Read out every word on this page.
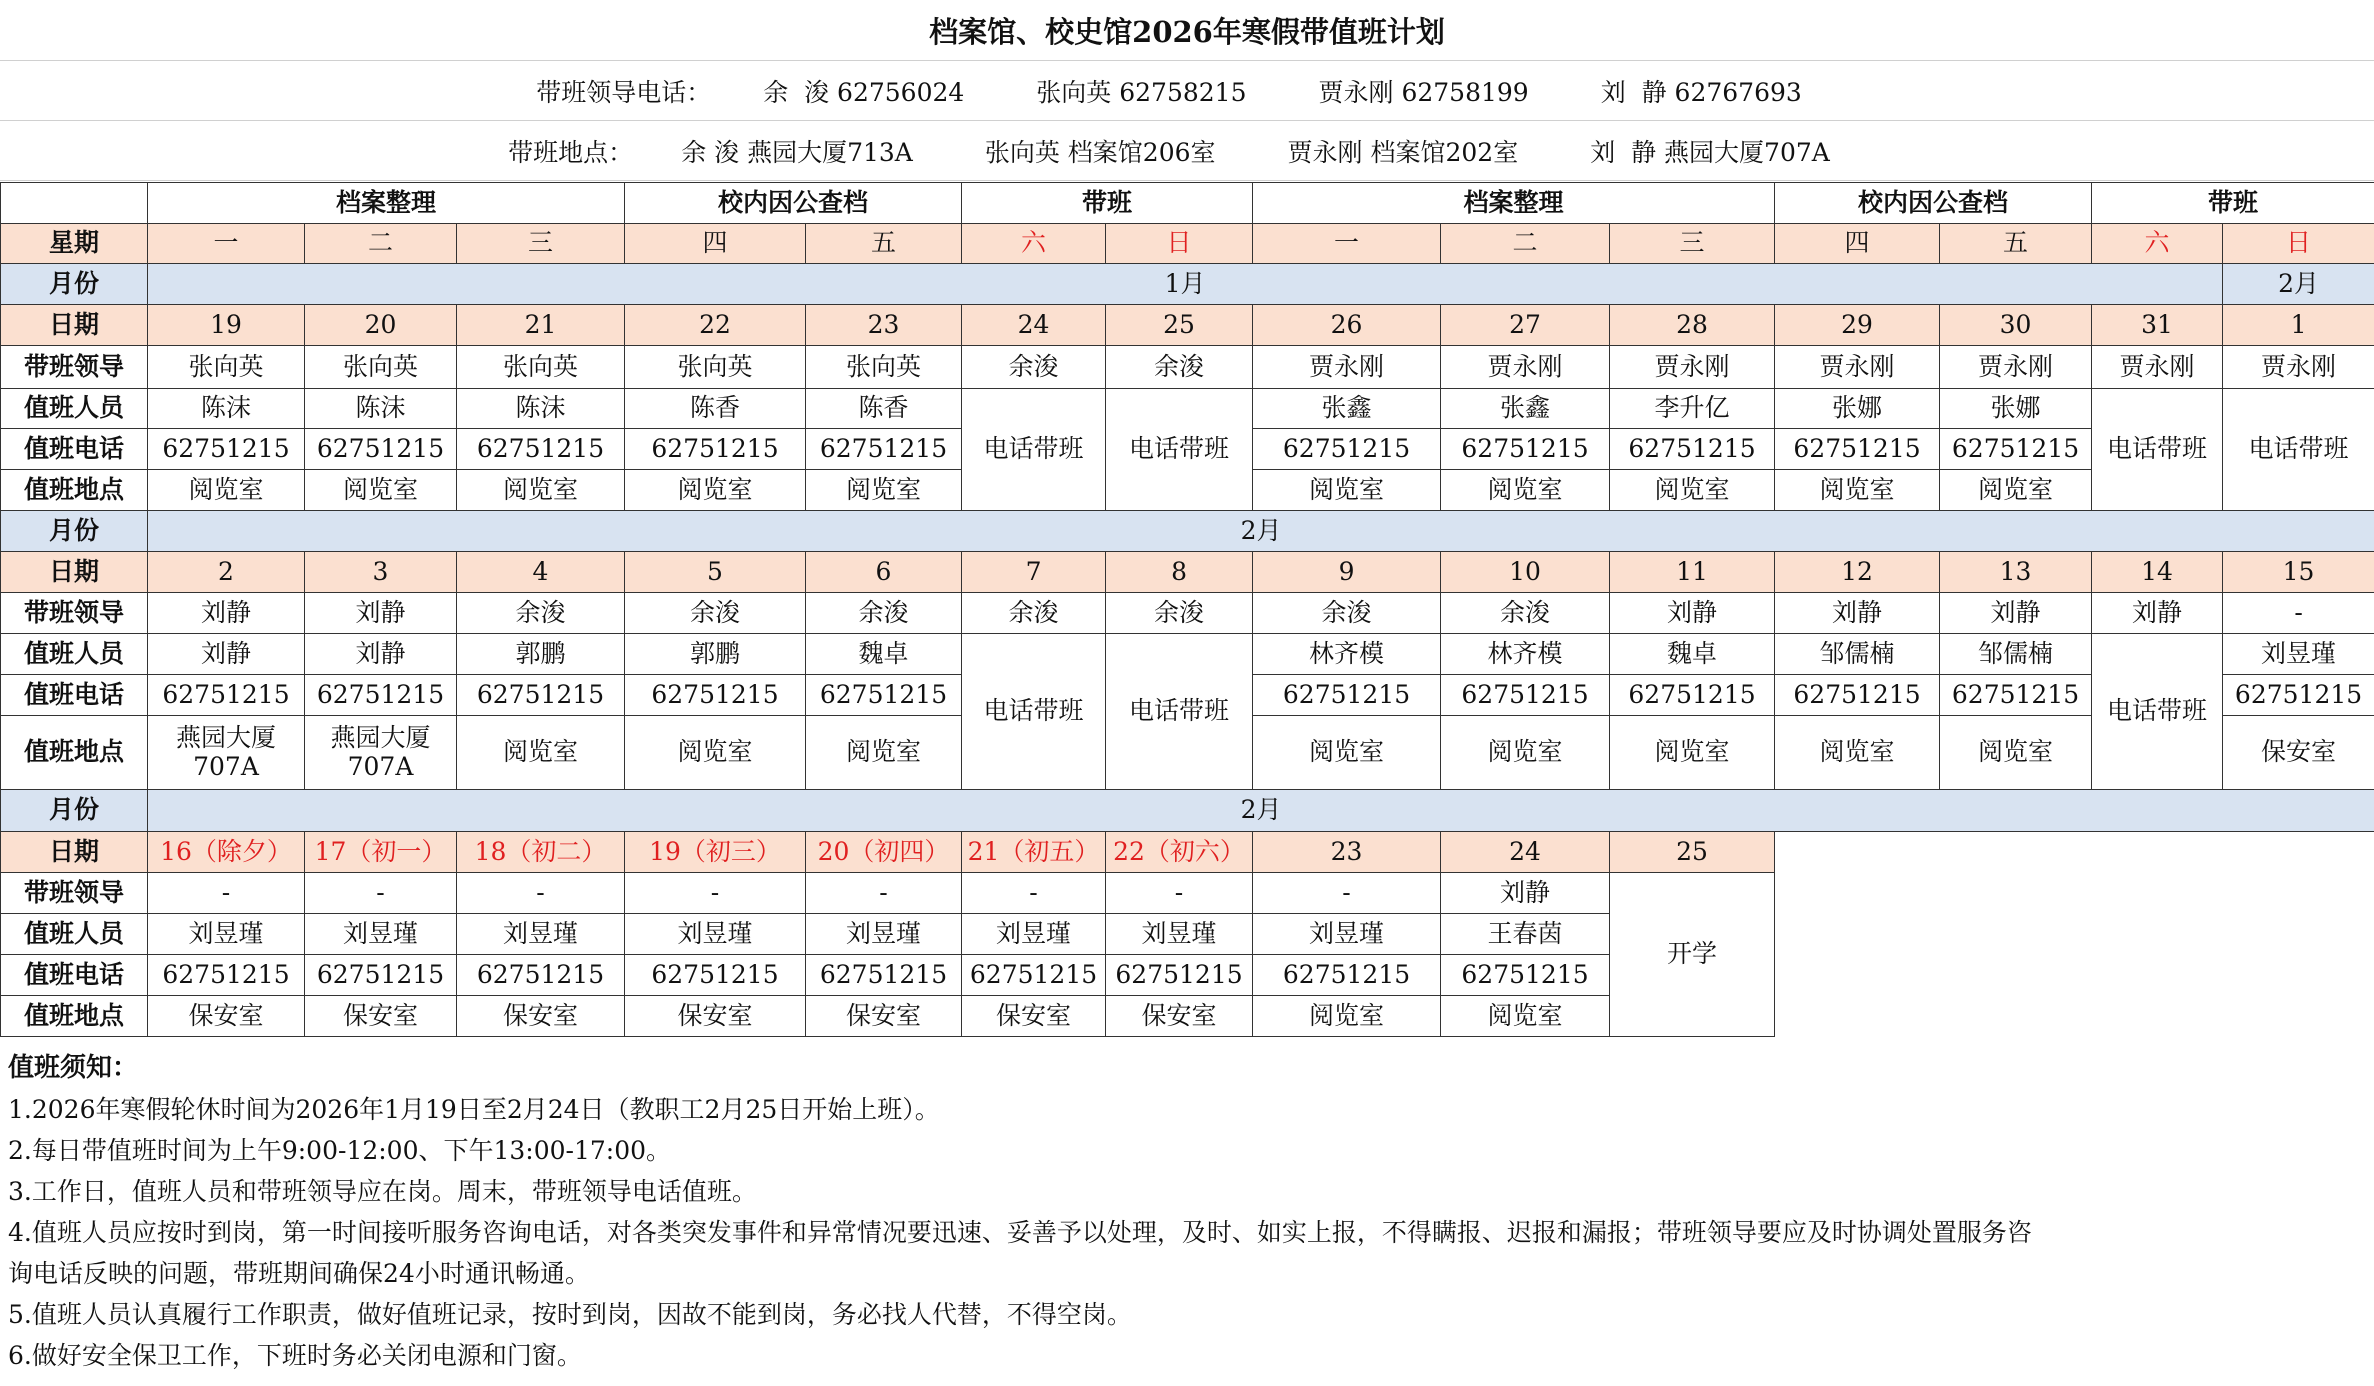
档案馆、校史馆2026年寒假带值班计划
带班领导电话： 余  浚 62756024	张向英 62758215	贾永刚 62758199	刘  静 62767693
带班地点： 余 浚 燕园大厦713A	张向英 档案馆206室	贾永刚 档案馆202室	刘  静 燕园大厦707A
	档案整理			校内因公查档		带班		档案整理			校内因公查档		带班	
星期	一	二	三	四	五	六	日	一	二	三	四	五	六	日
月份	1月													2月
日期	19	20	21	22	23	24	25	26	27	28	29	30	31	1
带班领导	张向英	张向英	张向英	张向英	张向英	余浚	余浚	贾永刚	贾永刚	贾永刚	贾永刚	贾永刚	贾永刚	贾永刚
值班人员	陈沫	陈沫	陈沫	陈香	陈香	电话带班	电话带班	张鑫	张鑫	李升亿	张娜	张娜	电话带班	电话带班
值班电话	62751215	62751215	62751215	62751215	62751215			62751215	62751215	62751215	62751215	62751215		
值班地点	阅览室	阅览室	阅览室	阅览室	阅览室			阅览室	阅览室	阅览室	阅览室	阅览室		
月份	2月													
日期	2	3	4	5	6	7	8	9	10	11	12	13	14	15
带班领导	刘静	刘静	余浚	余浚	余浚	余浚	余浚	余浚	余浚	刘静	刘静	刘静	刘静	-
值班人员	刘静	刘静	郭鹏	郭鹏	魏卓	电话带班	电话带班	林齐模	林齐模	魏卓	邹儒楠	邹儒楠	电话带班	刘昱瑾
值班电话	62751215	62751215	62751215	62751215	62751215			62751215	62751215	62751215	62751215	62751215		62751215
值班地点	燕园大厦
707A	燕园大厦
707A	阅览室	阅览室	阅览室			阅览室	阅览室	阅览室	阅览室	阅览室		保安室
月份	2月													
日期	16（除夕）	17（初一）	18（初二）	19（初三）	20（初四）	21（初五）	22（初六）	23	24	25				
带班领导	-	-	-	-	-	-	-	-	刘静	开学				
值班人员	刘昱瑾	刘昱瑾	刘昱瑾	刘昱瑾	刘昱瑾	刘昱瑾	刘昱瑾	刘昱瑾	王春茵					
值班电话	62751215	62751215	62751215	62751215	62751215	62751215	62751215	62751215	62751215					
值班地点	保安室	保安室	保安室	保安室	保安室	保安室	保安室	阅览室	阅览室					
值班须知：
1.2026年寒假轮休时间为2026年1月19日至2月24日（教职工2月25日开始上班）。
2.每日带值班时间为上午9:00-12:00、下午13:00-17:00。
3.工作日，值班人员和带班领导应在岗。周末，带班领导电话值班。
4.值班人员应按时到岗，第一时间接听服务咨询电话，对各类突发事件和异常情况要迅速、妥善予以处理，及时、如实上报，不得瞒报、迟报和漏报；带班领导要应及时协调处置服务咨
询电话反映的问题，带班期间确保24小时通讯畅通。
5.值班人员认真履行工作职责，做好值班记录，按时到岗，因故不能到岗，务必找人代替，不得空岗。
6.做好安全保卫工作，下班时务必关闭电源和门窗。
